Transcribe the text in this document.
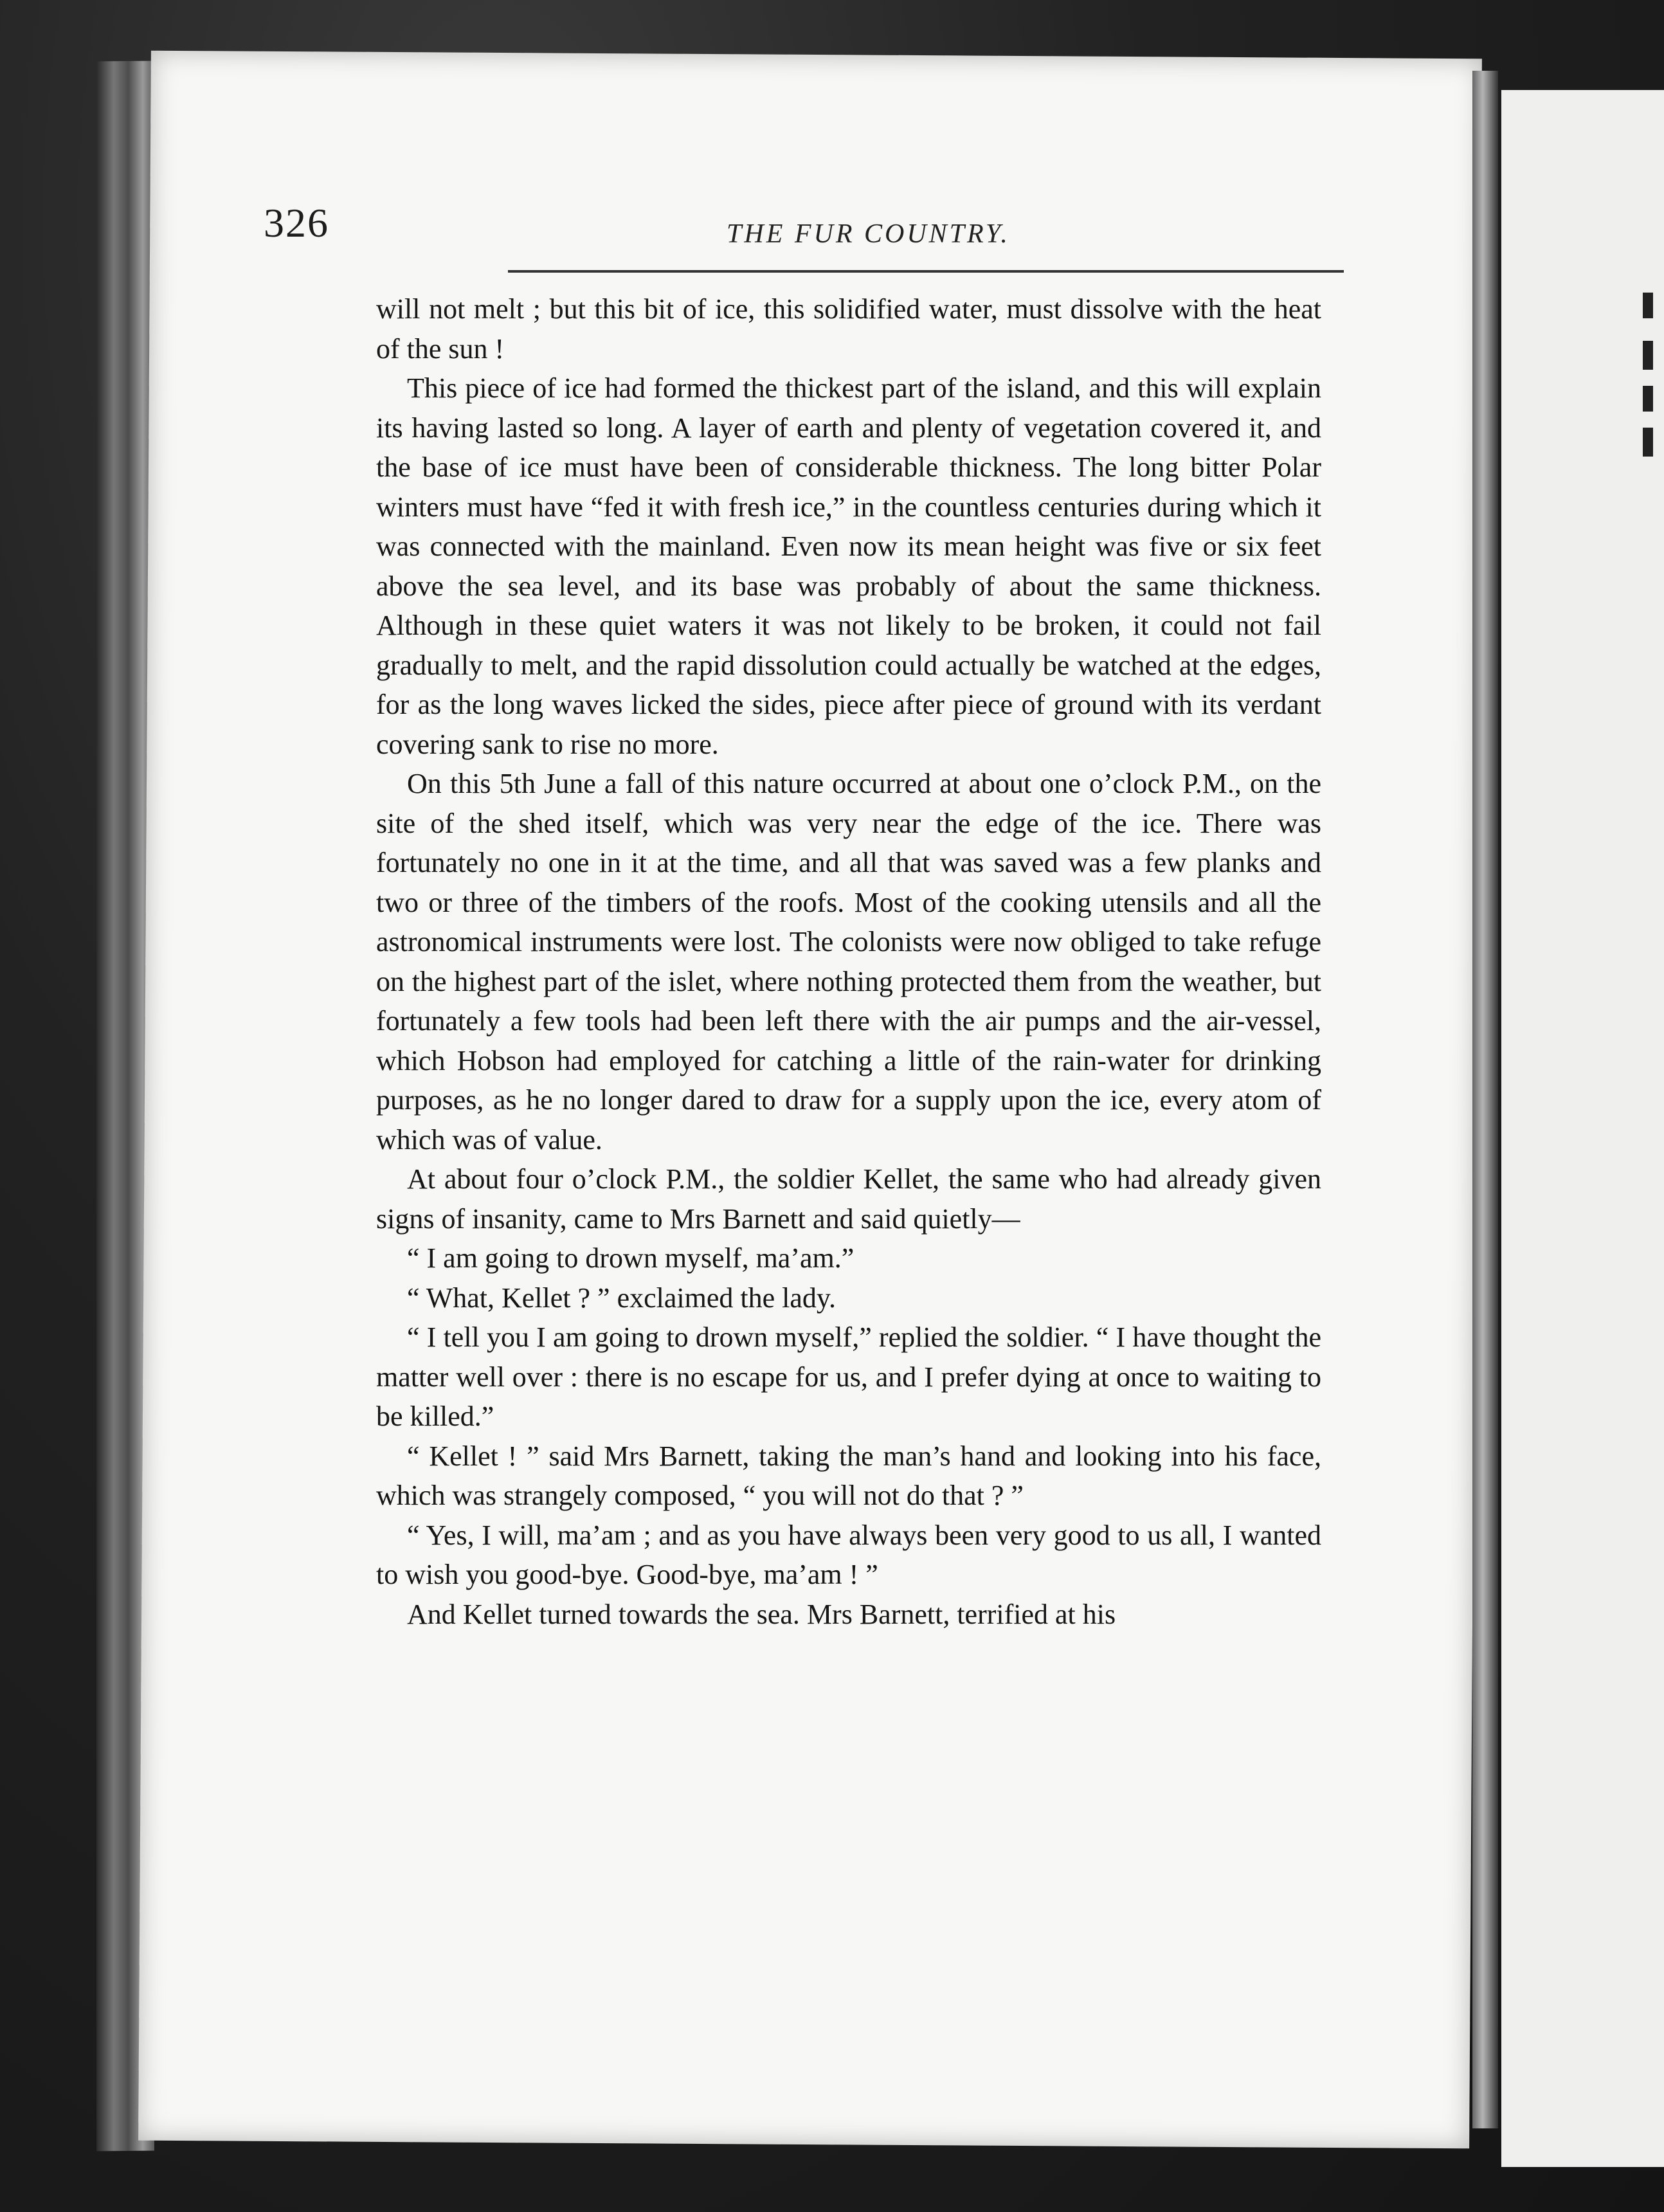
326	THE FUR COUNTRY.

will not melt ; but this bit of ice, this solidified water, must dissolve with the heat of the sun !

This piece of ice had formed the thickest part of the island, and this will explain its having lasted so long. A layer of earth and plenty of vegetation covered it, and the base of ice must have been of considerable thickness. The long bitter Polar winters must have “fed it with fresh ice,” in the countless centuries during which it was connected with the mainland. Even now its mean height was five or six feet above the sea level, and its base was probably of about the same thickness. Although in these quiet waters it was not likely to be broken, it could not fail gradually to melt, and the rapid dissolution could actually be watched at the edges, for as the long waves licked the sides, piece after piece of ground with its verdant covering sank to rise no more.

On this 5th June a fall of this nature occurred at about one o’clock P.M., on the site of the shed itself, which was very near the edge of the ice. There was fortunately no one in it at the time, and all that was saved was a few planks and two or three of the timbers of the roofs. Most of the cooking utensils and all the astronomical instruments were lost. The colonists were now obliged to take refuge on the highest part of the islet, where nothing protected them from the weather, but fortunately a few tools had been left there with the air pumps and the air-vessel, which Hobson had employed for catching a little of the rain-water for drinking purposes, as he no longer dared to draw for a supply upon the ice, every atom of which was of value.

At about four o’clock P.M., the soldier Kellet, the same who had already given signs of insanity, came to Mrs Barnett and said quietly—

“ I am going to drown myself, ma’am.”

“ What, Kellet ? ” exclaimed the lady.

“ I tell you I am going to drown myself,” replied the soldier. “ I have thought the matter well over : there is no escape for us, and I prefer dying at once to waiting to be killed.”

“ Kellet ! ” said Mrs Barnett, taking the man’s hand and looking into his face, which was strangely composed, “ you will not do that ? ”

“ Yes, I will, ma’am ; and as you have always been very good to us all, I wanted to wish you good-bye. Good-bye, ma’am ! ”

And Kellet turned towards the sea. Mrs Barnett, terrified at his
